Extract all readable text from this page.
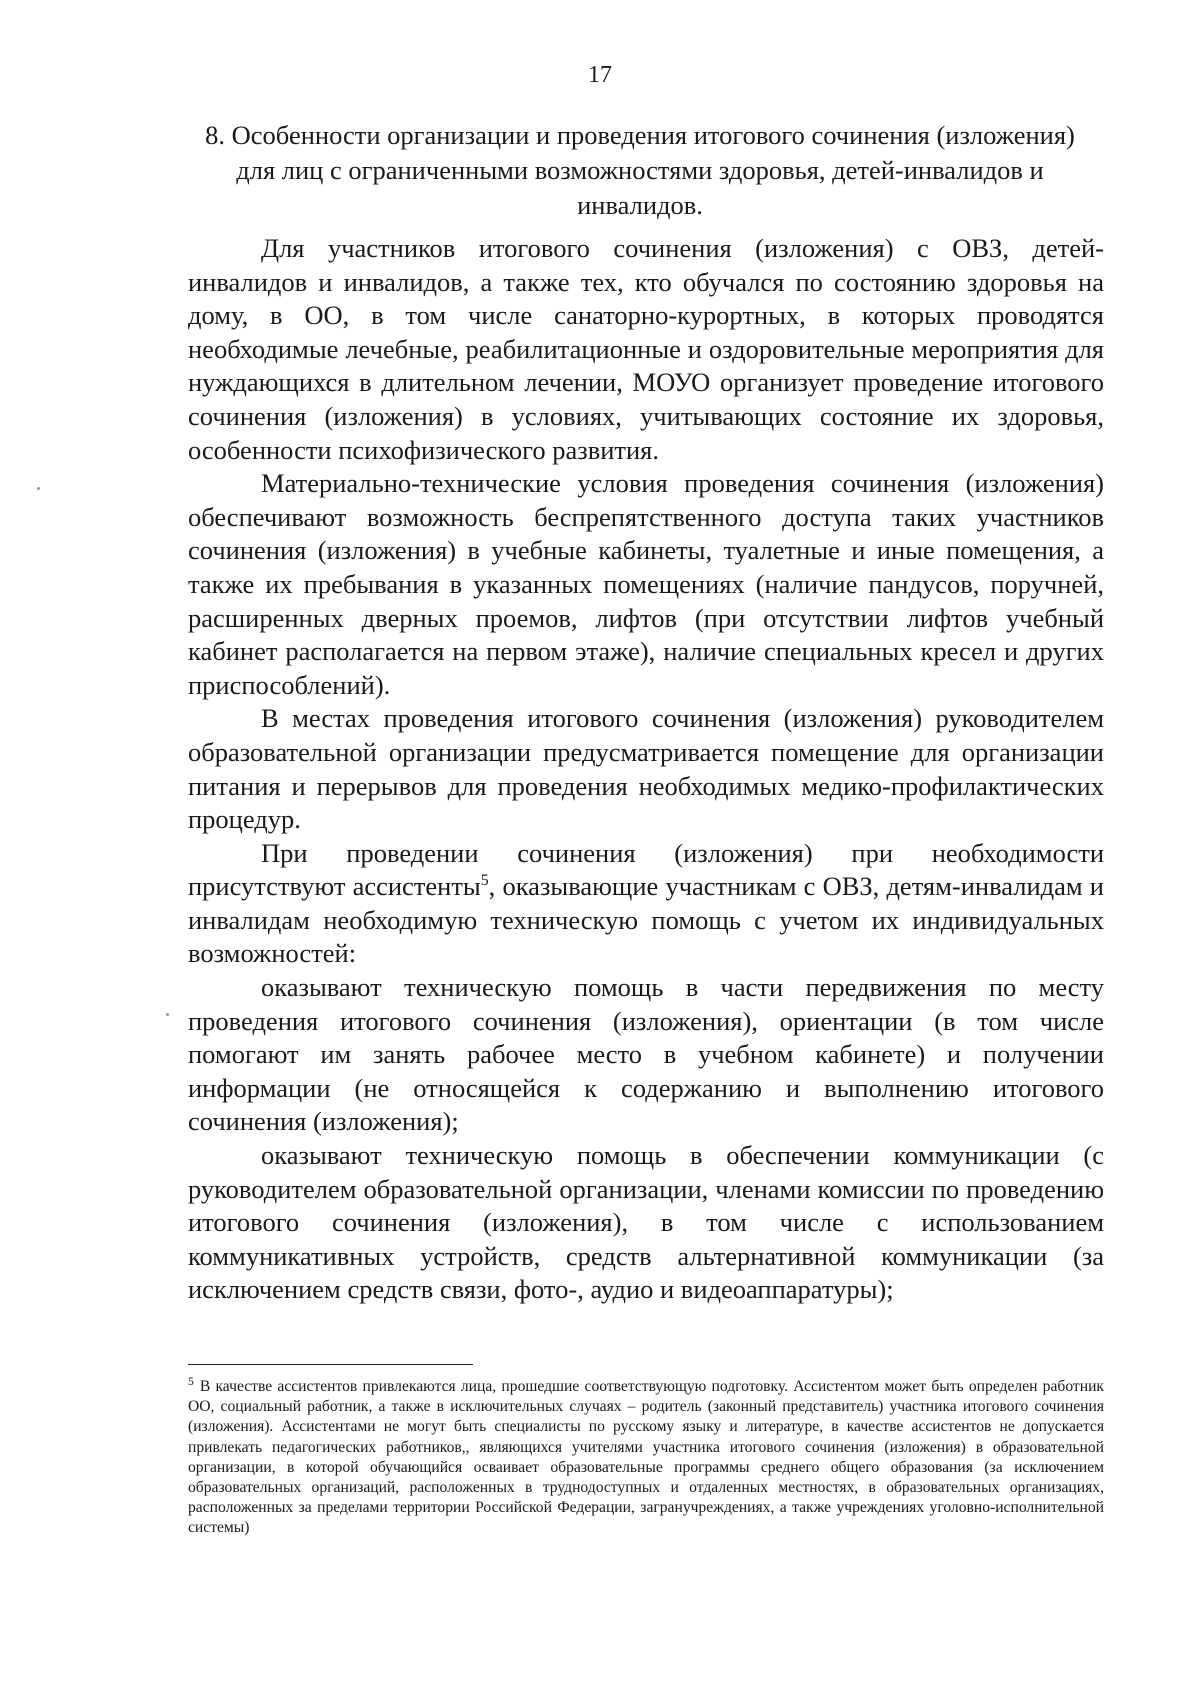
17
8. Особенности организации и проведения итогового сочинения (изложения) для лиц с ограниченными возможностями здоровья, детей-инвалидов и инвалидов.

Для участников итогового сочинения (изложения) с ОВЗ, детей-инвалидов и инвалидов, а также тех, кто обучался по состоянию здоровья на дому, в ОО, в том числе санаторно-курортных, в которых проводятся необходимые лечебные, реабилитационные и оздоровительные мероприятия для нуждающихся в длительном лечении, МОУО организует проведение итогового сочинения (изложения) в условиях, учитывающих состояние их здоровья, особенности психофизического развития.

Материально-технические условия проведения сочинения (изложения) обеспечивают возможность беспрепятственного доступа таких участников сочинения (изложения) в учебные кабинеты, туалетные и иные помещения, а также их пребывания в указанных помещениях (наличие пандусов, поручней, расширенных дверных проемов, лифтов (при отсутствии лифтов учебный кабинет располагается на первом этаже), наличие специальных кресел и других приспособлений).

В местах проведения итогового сочинения (изложения) руководителем образовательной организации предусматривается помещение для организации питания и перерывов для проведения необходимых медико-профилактических процедур.

При проведении сочинения (изложения) при необходимости присутствуют ассистенты$^5$, оказывающие участникам с ОВЗ, детям-инвалидам и инвалидам необходимую техническую помощь с учетом их индивидуальных возможностей:

оказывают техническую помощь в части передвижения по месту проведения итогового сочинения (изложения), ориентации (в том числе помогают им занять рабочее место в учебном кабинете) и получении информации (не относящейся к содержанию и выполнению итогового сочинения (изложения);

оказывают техническую помощь в обеспечении коммуникации (с руководителем образовательной организации, членами комиссии по проведению итогового сочинения (изложения), в том числе с использованием коммуникативных устройств, средств альтернативной коммуникации (за исключением средств связи, фото-, аудио и видеоаппаратуры);

$^5$ В качестве ассистентов привлекаются лица, прошедшие соответствующую подготовку. Ассистентом может быть определен работник ОО, социальный работник, а также в исключительных случаях – родитель (законный представитель) участника итогового сочинения (изложения). Ассистентами не могут быть специалисты по русскому языку и литературе, в качестве ассистентов не допускается привлекать педагогических работников,, являющихся учителями участника итогового сочинения (изложения) в образовательной организации, в которой обучающийся осваивает образовательные программы среднего общего образования (за исключением образовательных организаций, расположенных в труднодоступных и отдаленных местностях, в образовательных организациях, расположенных за пределами территории Российской Федерации, загранучреждениях, а также учреждениях уголовно-исполнительной системы)
